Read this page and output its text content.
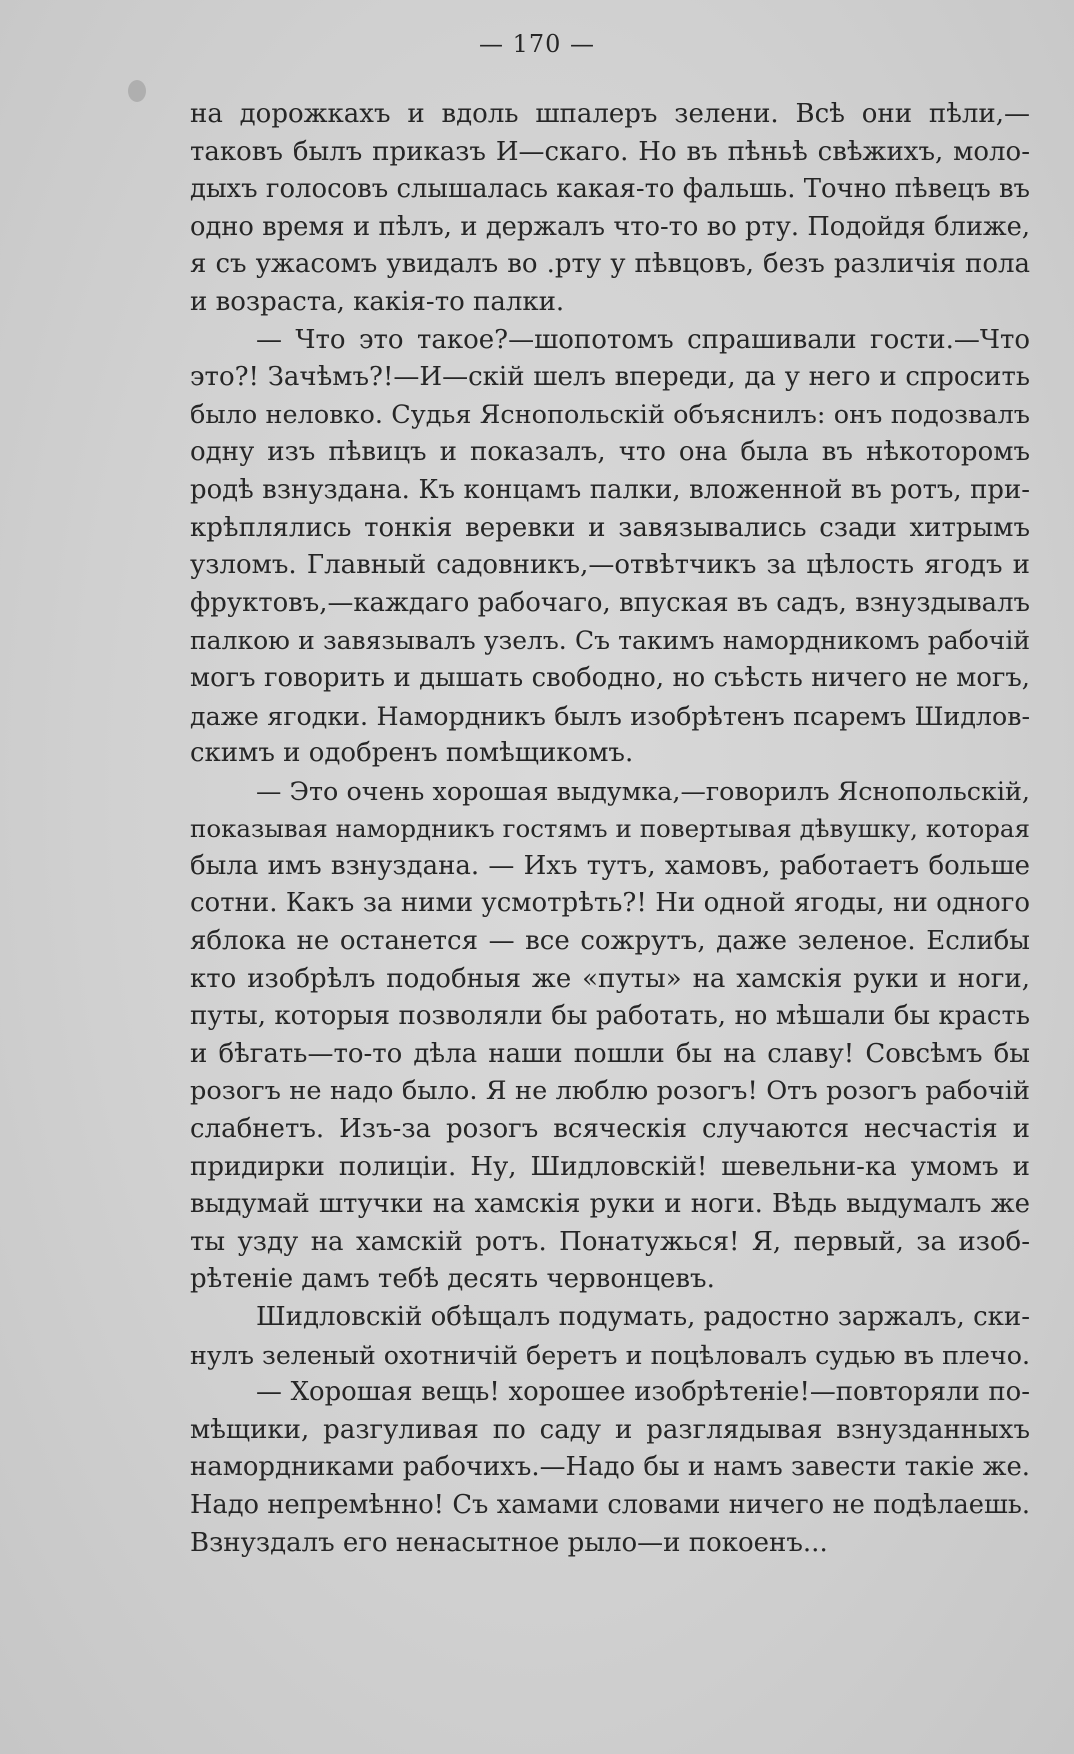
— 170 —
на дорожкахъ и вдоль шпалеръ зелени. Всѣ они пѣли,—
таковъ былъ приказъ И—скаго. Но въ пѣньѣ свѣжихъ, моло-
дыхъ голосовъ слышалась какая-то фальшь. Точно пѣвецъ въ
одно время и пѣлъ, и держалъ что-то во рту. Подойдя ближе,
я съ ужасомъ увидалъ во .рту у пѣвцовъ, безъ различія пола
и возраста, какія-то палки.
— Что это такое?—шопотомъ спрашивали гости.—Что
это?! Зачѣмъ?!—И—скій шелъ впереди, да у него и спросить
было неловко. Судья Яснопольскій объяснилъ: онъ подозвалъ
одну изъ пѣвицъ и показалъ, что она была въ нѣкоторомъ
родѣ взнуздана. Къ концамъ палки, вложенной въ ротъ, при-
крѣплялись тонкія веревки и завязывались сзади хитрымъ
узломъ. Главный садовникъ,—отвѣтчикъ за цѣлость ягодъ и
фруктовъ,—каждаго рабочаго, впуская въ садъ, взнуздывалъ
палкою и завязывалъ узелъ. Съ такимъ намордникомъ рабочій
могъ говорить и дышать свободно, но съѣсть ничего не могъ,
даже ягодки. Намордникъ былъ изобрѣтенъ псаремъ Шидлов-
скимъ и одобренъ помѣщикомъ.
— Это очень хорошая выдумка,—говорилъ Яснопольскій,
показывая намордникъ гостямъ и повертывая дѣвушку, которая
была имъ взнуздана. — Ихъ тутъ, хамовъ, работаетъ больше
сотни. Какъ за ними усмотрѣть?! Ни одной ягоды, ни одного
яблока не останется — все сожрутъ, даже зеленое. Еслибы
кто изобрѣлъ подобныя же «путы» на хамскія руки и ноги,
путы, которыя позволяли бы работать, но мѣшали бы красть
и бѣгать—то-то дѣла наши пошли бы на славу! Совсѣмъ бы
розогъ не надо было. Я не люблю розогъ! Отъ розогъ рабочій
слабнетъ. Изъ-за розогъ всяческія случаются несчастія и
придирки полиціи. Ну, Шидловскій! шевельни-ка умомъ и
выдумай штучки на хамскія руки и ноги. Вѣдь выдумалъ же
ты узду на хамскій ротъ. Понатужься! Я, первый, за изоб-
рѣтеніе дамъ тебѣ десять червонцевъ.
Шидловскій обѣщалъ подумать, радостно заржалъ, ски-
нулъ зеленый охотничій беретъ и поцѣловалъ судью въ плечо.
— Хорошая вещь! хорошее изобрѣтеніе!—повторяли по-
мѣщики, разгуливая по саду и разглядывая взнузданныхъ
намордниками рабочихъ.—Надо бы и намъ завести такіе же.
Надо непремѣнно! Съ хамами словами ничего не подѣлаешь.
Взнуздалъ его ненасытное рыло—и покоенъ...
